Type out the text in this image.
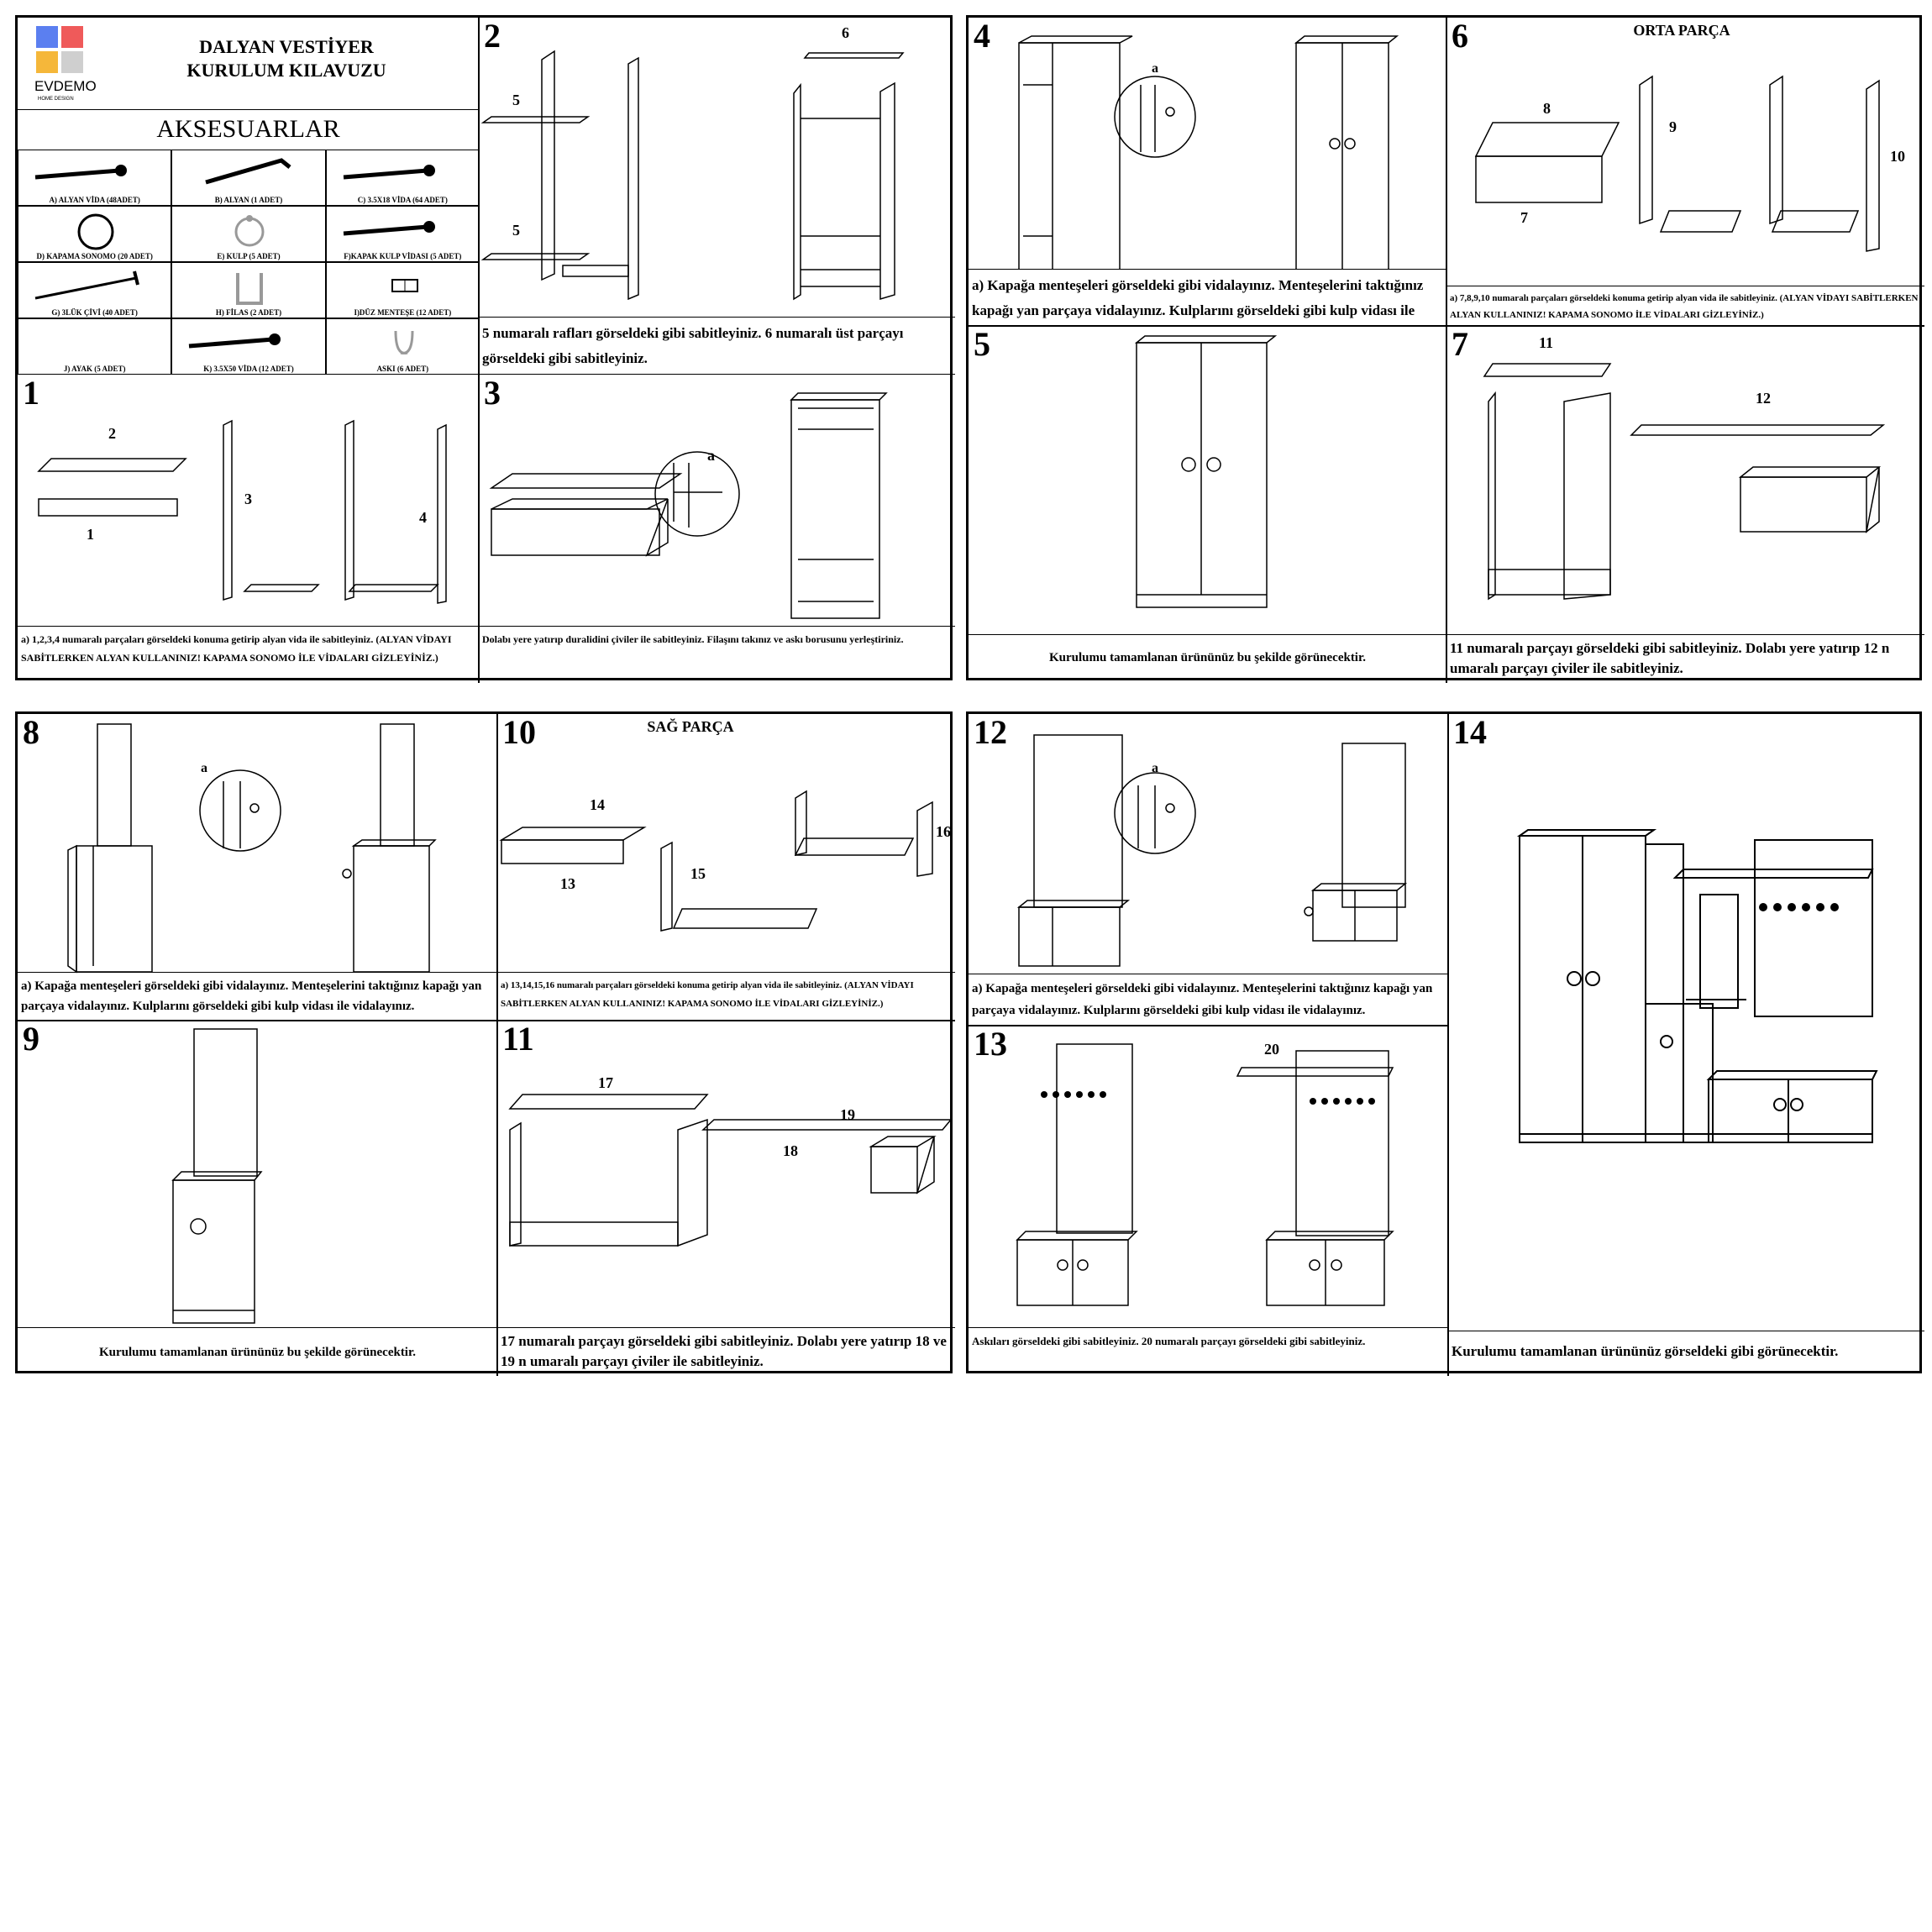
EVDEMO
HOME DESIGN
DALYAN VESTİYER
KURULUM KILAVUZU
AKSESUARLAR
A) ALYAN VİDA (48ADET)	B) ALYAN (1 ADET)	C) 3.5X18 VİDA (64 ADET)
D) KAPAMA SONOMO (20 ADET)	E) KULP (5 ADET)	F)KAPAK KULP VİDASI (5 ADET)
G) 3LÜK ÇİVİ (40 ADET)	H) FİLAS (2 ADET)	I)DÜZ MENTEŞE (12 ADET)
J) AYAK (5 ADET)	K) 3.5X50 VİDA (12 ADET)	ASKI (6 ADET)
2
5
5
6
5 numaralı rafları görseldeki gibi sabitleyiniz. 6 numaralı üst parçayı görseldeki gibi sabitleyiniz.
1
2
3
4
1
a) 1,2,3,4 numaralı parçaları görseldeki konuma getirip alyan vida ile sabitleyiniz. (ALYAN VİDAYI SABİTLERKEN ALYAN KULLANINIZ! KAPAMA SONOMO İLE VİDALARI GİZLEYİNİZ.)
3
a
Dolabı yere yatırıp duralidini çiviler ile sabitleyiniz. Filaşını takınız ve askı borusunu yerleştiriniz.
4
a
a) Kapağa menteşeleri görseldeki gibi vidalayınız. Menteşelerini taktığınız kapağı yan parçaya vidalayınız. Kulplarını görseldeki gibi kulp vidası ile
6	ORTA PARÇA
8
9
10
7
a) 7,8,9,10 numaralı parçaları görseldeki konuma getirip alyan vida ile sabitleyiniz. (ALYAN VİDAYI SABİTLERKEN ALYAN KULLANINIZ! KAPAMA SONOMO İLE VİDALARI GİZLEYİNİZ.)
5
Kurulumu tamamlanan ürününüz bu şekilde görünecektir.
7	11
12
11 numaralı parçayı görseldeki gibi sabitleyiniz. Dolabı yere yatırıp 12 n umaralı parçayı çiviler ile sabitleyiniz.
8
a
a) Kapağa menteşeleri görseldeki gibi vidalayınız. Menteşelerini taktığınız kapağı yan parçaya vidalayınız. Kulplarını görseldeki gibi kulp vidası ile vidalayınız.
10	SAĞ PARÇA
14
13
15
16
a) 13,14,15,16 numaralı parçaları görseldeki konuma getirip alyan vida ile sabitleyiniz. (ALYAN VİDAYI SABİTLERKEN ALYAN KULLANINIZ! KAPAMA SONOMO İLE VİDALARI GİZLEYİNİZ.)
9
Kurulumu tamamlanan ürününüz bu şekilde görünecektir.
11
17
19
18
17 numaralı parçayı görseldeki gibi sabitleyiniz. Dolabı yere yatırıp 18 ve 19 n umaralı parçayı çiviler ile sabitleyiniz.
12
a
a) Kapağa menteşeleri görseldeki gibi vidalayınız. Menteşelerini taktığınız kapağı yan parçaya vidalayınız. Kulplarını görseldeki gibi kulp vidası ile vidalayınız.
14
Kurulumu tamamlanan ürününüz görseldeki gibi görünecektir.
13	20
Askıları görseldeki gibi sabitleyiniz. 20 numaralı parçayı görseldeki gibi sabitleyiniz.
